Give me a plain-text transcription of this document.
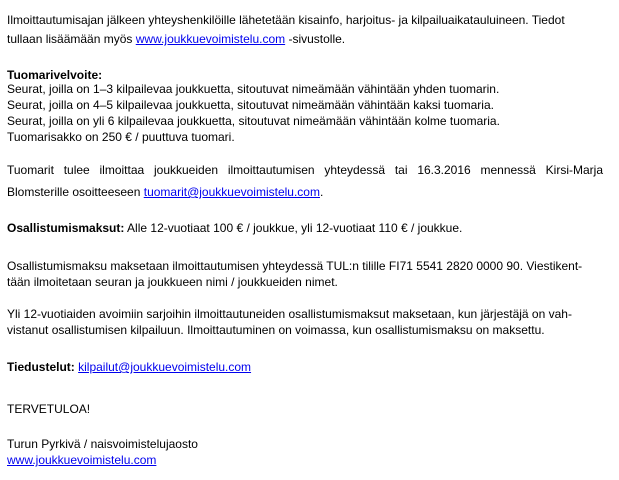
Ilmoittautumisajan jälkeen yhteyshenkilöille lähetetään kisainfo, harjoitus- ja kilpailuaikatauluineen. Tiedot
tullaan lisäämään myös www.joukkuevoimistelu.com -sivustolle.
Tuomarivelvoite:
Seurat, joilla on 1–3 kilpailevaa joukkuetta, sitoutuvat nimeämään vähintään yhden tuomarin.
Seurat, joilla on 4–5 kilpailevaa joukkuetta, sitoutuvat nimeämään vähintään kaksi tuomaria.
Seurat, joilla on yli 6 kilpailevaa joukkuetta, sitoutuvat nimeämään vähintään kolme tuomaria.
Tuomarisakko on 250 € / puuttuva tuomari.
Tuomarit tulee ilmoittaa joukkueiden ilmoittautumisen yhteydessä tai 16.3.2016 mennessä Kirsi-Marja
Blomsterille osoitteeseen tuomarit@joukkuevoimistelu.com.
Osallistumismaksut: Alle 12-vuotiaat 100 € / joukkue, yli 12-vuotiaat 110 € / joukkue.
Osallistumismaksu maksetaan ilmoittautumisen yhteydessä TUL:n tilille FI71 5541 2820 0000 90. Viestikent-
tään ilmoitetaan seuran ja joukkueen nimi / joukkueiden nimet.
Yli 12-vuotiaiden avoimiin sarjoihin ilmoittautuneiden osallistumismaksut maksetaan, kun järjestäjä on vah-
vistanut osallistumisen kilpailuun. Ilmoittautuminen on voimassa, kun osallistumismaksu on maksettu.
Tiedustelut: kilpailut@joukkuevoimistelu.com
TERVETULOA!
Turun Pyrkivä / naisvoimistelujaosto
www.joukkuevoimistelu.com
